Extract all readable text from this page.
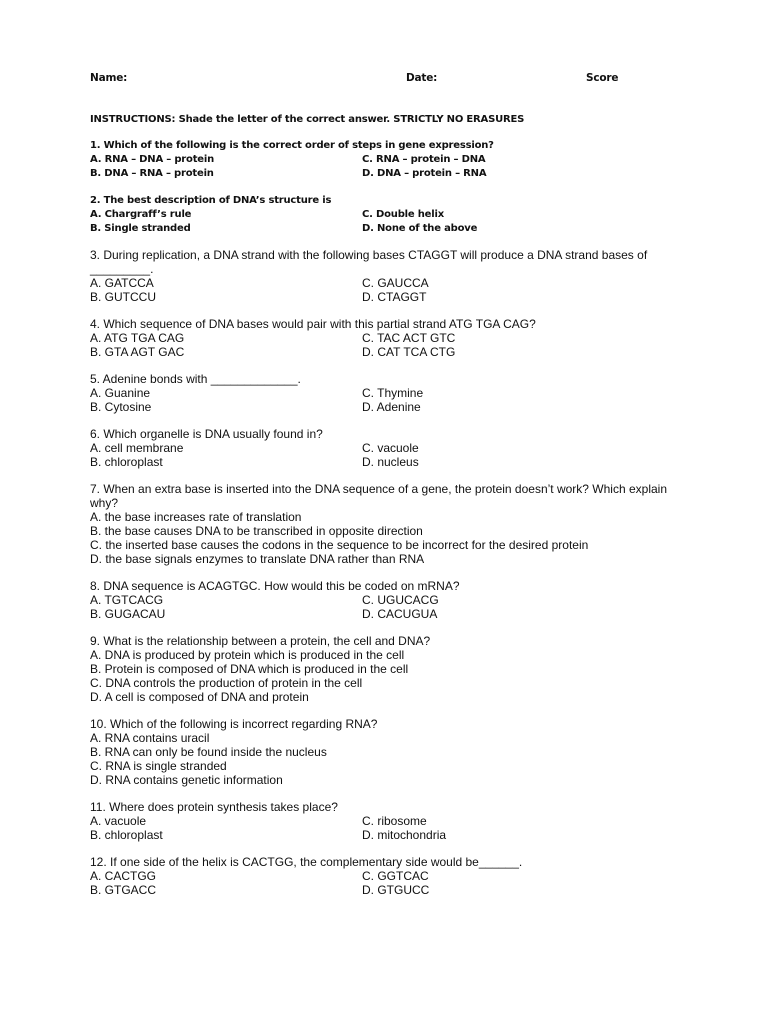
Name:	Date:	Score
INSTRUCTIONS: Shade the letter of the correct answer. STRICTLY NO ERASURES
1. Which of the following is the correct order of steps in gene expression?
A. RNA – DNA – protein	C. RNA – protein – DNA
B. DNA – RNA – protein	D. DNA – protein – RNA
2. The best description of DNA’s structure is
A. Chargraff’s rule	C. Double helix
B. Single stranded	D. None of the above
3. During replication, a DNA strand with the following bases CTAGGT will produce a DNA strand bases of _________.
A. GATCCA	C. GAUCCA
B. GUTCCU	D. CTAGGT
4. Which sequence of DNA bases would pair with this partial strand ATG TGA CAG?
A. ATG TGA CAG	C. TAC ACT GTC
B. GTA AGT GAC	D. CAT TCA CTG
5. Adenine bonds with _____________.
A. Guanine	C. Thymine
B. Cytosine	D. Adenine
6. Which organelle is DNA usually found in?
A. cell membrane	C. vacuole
B. chloroplast	D. nucleus
7. When an extra base is inserted into the DNA sequence of a gene, the protein doesn’t work? Which explain why?
A. the base increases rate of translation
B. the base causes DNA to be transcribed in opposite direction
C. the inserted base causes the codons in the sequence to be incorrect for the desired protein
D. the base signals enzymes to translate DNA rather than RNA
8. DNA sequence is ACAGTGC. How would this be coded on mRNA?
A. TGTCACG	C. UGUCACG
B. GUGACAU	D. CACUGUA
9. What is the relationship between a protein, the cell and DNA?
A. DNA is produced by protein which is produced in the cell
B. Protein is composed of DNA which is produced in the cell
C. DNA controls the production of protein in the cell
D. A cell is composed of DNA and protein
10. Which of the following is incorrect regarding RNA?
A. RNA contains uracil
B. RNA can only be found inside the nucleus
C. RNA is single stranded
D. RNA contains genetic information
11. Where does protein synthesis takes place?
A. vacuole	C. ribosome
B. chloroplast	D. mitochondria
12. If one side of the helix is CACTGG, the complementary side would be______.
A. CACTGG	C. GGTCAC
B. GTGACC	D. GTGUCC
